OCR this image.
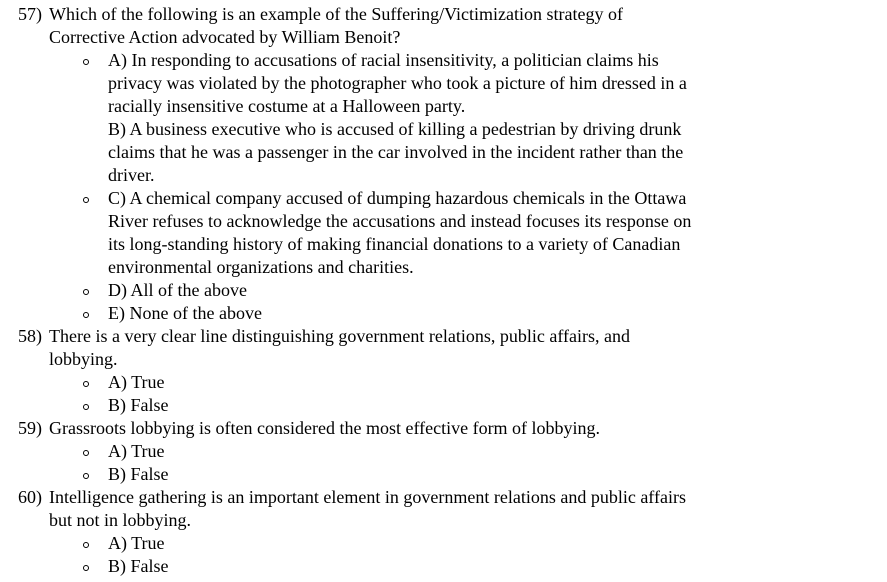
57) Which of the following is an example of the Suffering/Victimization strategy of
Corrective Action advocated by William Benoit?
A) In responding to accusations of racial insensitivity, a politician claims his
privacy was violated by the photographer who took a picture of him dressed in a
racially insensitive costume at a Halloween party.
B) A business executive who is accused of killing a pedestrian by driving drunk
claims that he was a passenger in the car involved in the incident rather than the
driver.
C) A chemical company accused of dumping hazardous chemicals in the Ottawa
River refuses to acknowledge the accusations and instead focuses its response on
its long-standing history of making financial donations to a variety of Canadian
environmental organizations and charities.
D) All of the above
E) None of the above
58) There is a very clear line distinguishing government relations, public affairs, and
lobbying.
A) True
B) False
59) Grassroots lobbying is often considered the most effective form of lobbying.
A) True
B) False
60) Intelligence gathering is an important element in government relations and public affairs
but not in lobbying.
A) True
B) False
